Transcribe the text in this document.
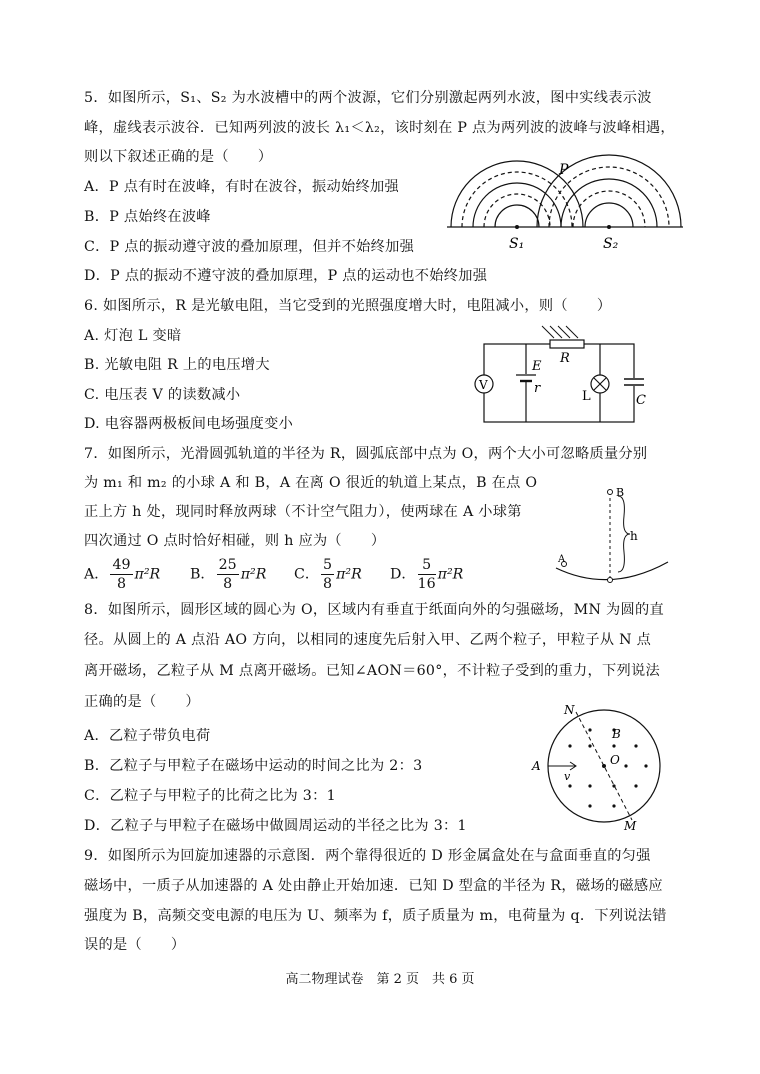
5．如图所示，S₁、S₂ 为水波槽中的两个波源，它们分别激起两列水波，图中实线表示波
峰，虚线表示波谷．已知两列波的波长 λ₁＜λ₂，该时刻在 P 点为两列波的波峰与波峰相遇，
则以下叙述正确的是（　　）
A．P 点有时在波峰，有时在波谷，振动始终加强
B．P 点始终在波峰
C．P 点的振动遵守波的叠加原理，但并不始终加强
D．P 点的振动不遵守波的叠加原理，P 点的运动也不始终加强
P
S₁	S₂
6. 如图所示，R 是光敏电阻，当它受到的光照强度增大时，电阻减小，则（　　）
A. 灯泡 L 变暗
B. 光敏电阻 R 上的电压增大
C. 电压表 V 的读数减小
D. 电容器两极板间电场强度变小
R
E
r
V
L	C
7．如图所示，光滑圆弧轨道的半径为 R，圆弧底部中点为 O，两个大小可忽略质量分别
为 m₁ 和 m₂ 的小球 A 和 B，A 在离 O 很近的轨道上某点，B 在点 O
正上方 h 处，现同时释放两球（不计空气阻力），使两球在 A 小球第
四次通过 O 点时恰好相碰，则 h 应为（　　）
A． $\frac{49}{8} \pi^2R$ B． $\frac{25}{8} \pi^2R$ C． $\frac{5}{8} \pi^2R$ D． $\frac{5}{16} \pi^2R$
B
h
A
8．如图所示，圆形区域的圆心为 O，区域内有垂直于纸面向外的匀强磁场，MN 为圆的直
径。从圆上的 A 点沿 AO 方向，以相同的速度先后射入甲、乙两个粒子，甲粒子从 N 点
离开磁场，乙粒子从 M 点离开磁场。已知∠AON＝60°，不计粒子受到的重力，下列说法
正确的是（　　）
A．乙粒子带负电荷
B．乙粒子与甲粒子在磁场中运动的时间之比为 2：3
C．乙粒子与甲粒子的比荷之比为 3：1
D．乙粒子与甲粒子在磁场中做圆周运动的半径之比为 3：1
N
B
A
v
O
M
9．如图所示为回旋加速器的示意图．两个靠得很近的 D 形金属盒处在与盒面垂直的匀强
磁场中，一质子从加速器的 A 处由静止开始加速．已知 D 型盒的半径为 R，磁场的磁感应
强度为 B，高频交变电源的电压为 U、频率为 f，质子质量为 m，电荷量为 q．下列说法错
误的是（　　）
高二物理试卷　第 2 页　共 6 页
